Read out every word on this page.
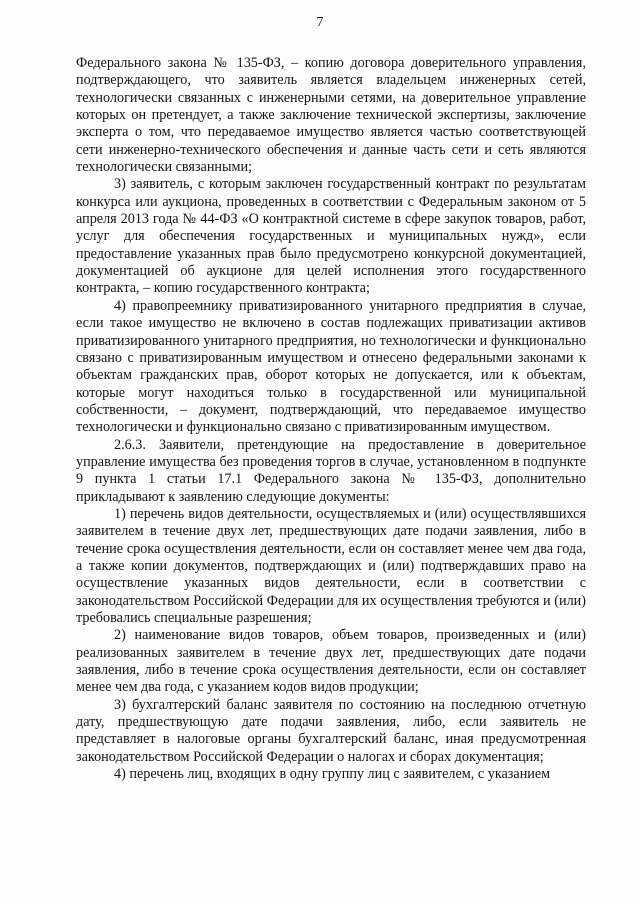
7

Федерального закона № 135-ФЗ, – копию договора доверительного управления, подтверждающего, что заявитель является владельцем инженерных сетей, технологически связанных с инженерными сетями, на доверительное управление которых он претендует, а также заключение технической экспертизы, заключение эксперта о том, что передаваемое имущество является частью соответствующей сети инженерно-технического обеспечения и данные часть сети и сеть являются технологически связанными;

3) заявитель, с которым заключен государственный контракт по результатам конкурса или аукциона, проведенных в соответствии с Федеральным законом от 5 апреля 2013 года № 44-ФЗ «О контрактной системе в сфере закупок товаров, работ, услуг для обеспечения государственных и муниципальных нужд», если предоставление указанных прав было предусмотрено конкурсной документацией, документацией об аукционе для целей исполнения этого государственного контракта, – копию государственного контракта;

4) правопреемнику приватизированного унитарного предприятия в случае, если такое имущество не включено в состав подлежащих приватизации активов приватизированного унитарного предприятия, но технологически и функционально связано с приватизированным имуществом и отнесено федеральными законами к объектам гражданских прав, оборот которых не допускается, или к объектам, которые могут находиться только в государственной или муниципальной собственности, – документ, подтверждающий, что передаваемое имущество технологически и функционально связано с приватизированным имуществом.

2.6.3. Заявители, претендующие на предоставление в доверительное управление имущества без проведения торгов в случае, установленном в подпункте 9 пункта 1 статьи 17.1 Федерального закона № 135-ФЗ, дополнительно прикладывают к заявлению следующие документы:

1) перечень видов деятельности, осуществляемых и (или) осуществлявшихся заявителем в течение двух лет, предшествующих дате подачи заявления, либо в течение срока осуществления деятельности, если он составляет менее чем два года, а также копии документов, подтверждающих и (или) подтверждавших право на осуществление указанных видов деятельности, если в соответствии с законодательством Российской Федерации для их осуществления требуются и (или) требовались специальные разрешения;

2) наименование видов товаров, объем товаров, произведенных и (или) реализованных заявителем в течение двух лет, предшествующих дате подачи заявления, либо в течение срока осуществления деятельности, если он составляет менее чем два года, с указанием кодов видов продукции;

3) бухгалтерский баланс заявителя по состоянию на последнюю отчетную дату, предшествующую дате подачи заявления, либо, если заявитель не представляет в налоговые органы бухгалтерский баланс, иная предусмотренная законодательством Российской Федерации о налогах и сборах документация;

4) перечень лиц, входящих в одну группу лиц с заявителем, с указанием
